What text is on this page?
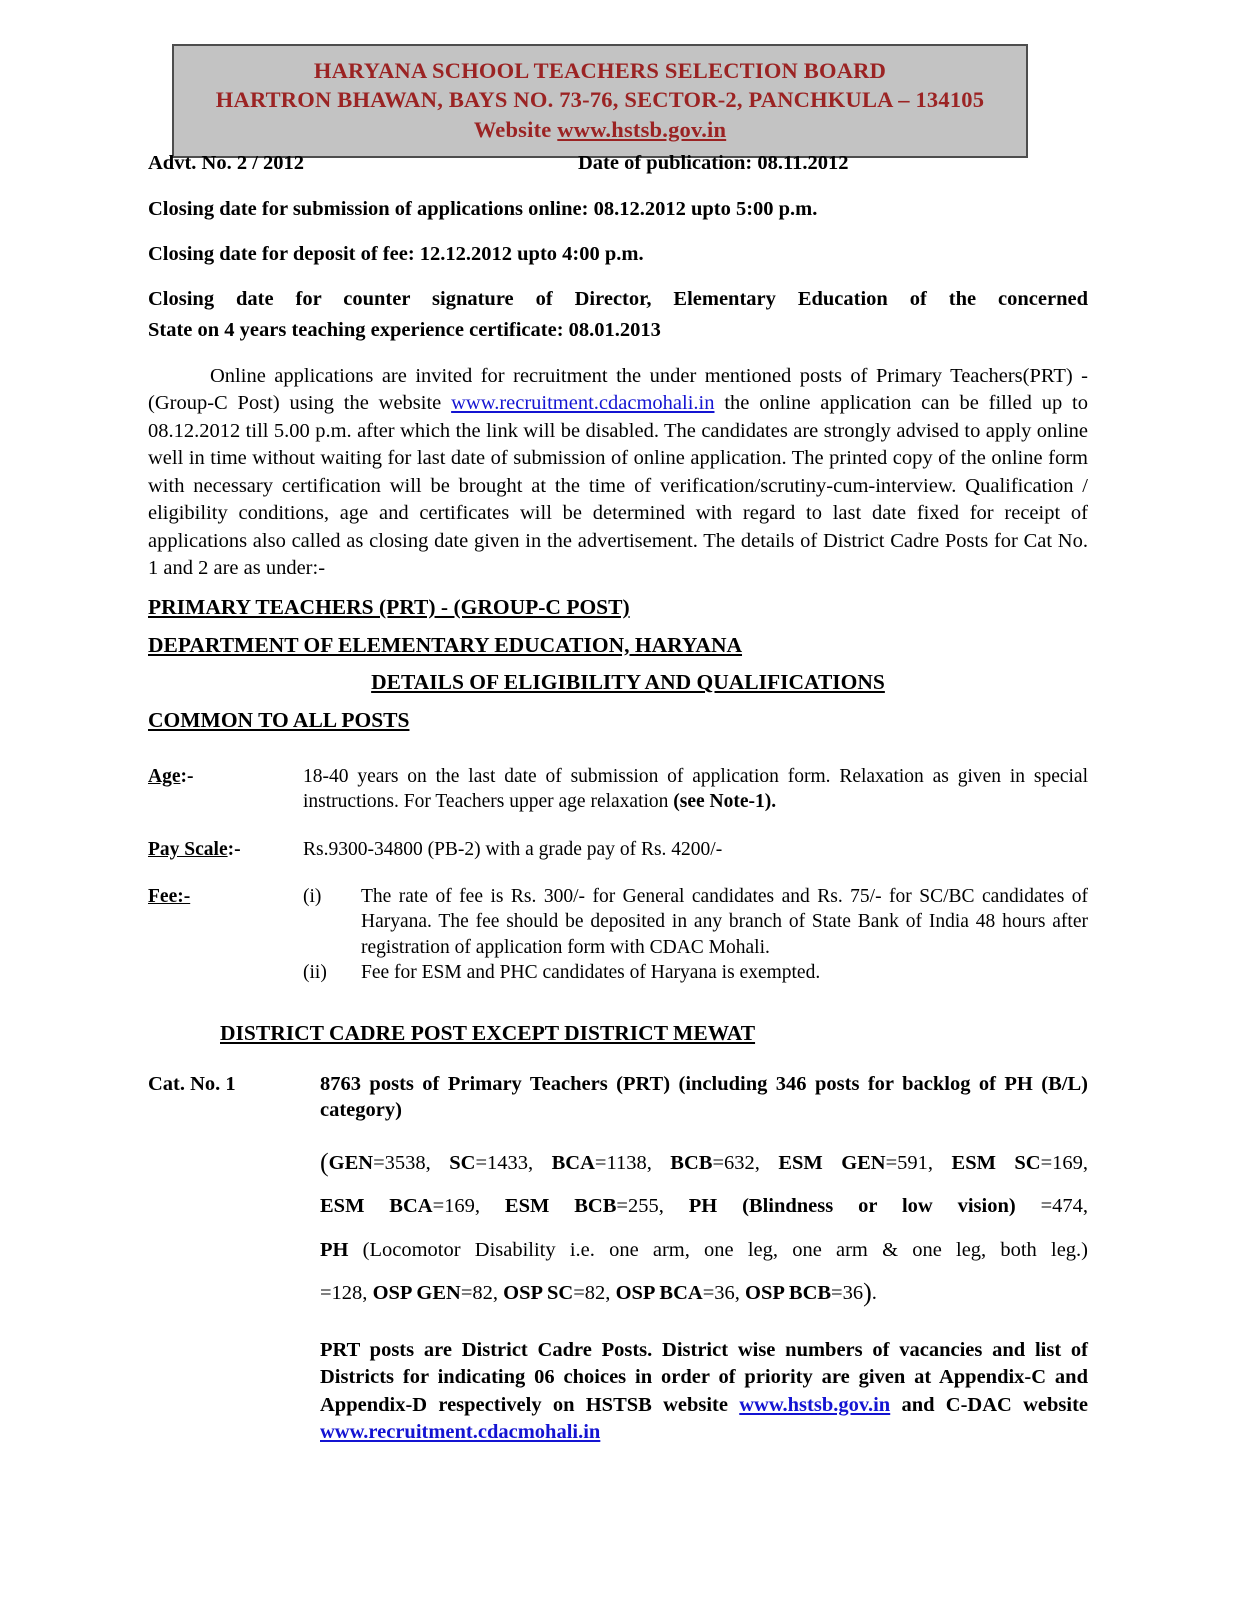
HARYANA SCHOOL TEACHERS SELECTION BOARD
HARTRON BHAWAN, BAYS NO. 73-76, SECTOR-2, PANCHKULA – 134105
Website www.hstsb.gov.in
Advt. No. 2 / 2012	Date of publication: 08.11.2012

Closing date for submission of applications online: 08.12.2012 upto 5:00 p.m.

Closing date for deposit of fee: 12.12.2012 upto 4:00 p.m.

Closing date for counter signature of Director, Elementary Education of the concerned

State on 4 years teaching experience certificate: 08.01.2013

Online applications are invited for recruitment the under mentioned posts of Primary Teachers(PRT) - (Group-C Post) using the website www.recruitment.cdacmohali.in the online application can be filled up to 08.12.2012 till 5.00 p.m. after which the link will be disabled. The candidates are strongly advised to apply online well in time without waiting for last date of submission of online application. The printed copy of the online form with necessary certification will be brought at the time of verification/scrutiny-cum-interview. Qualification / eligibility conditions, age and certificates will be determined with regard to last date fixed for receipt of applications also called as closing date given in the advertisement. The details of District Cadre Posts for Cat No. 1 and 2 are as under:-

PRIMARY TEACHERS (PRT) - (GROUP-C POST)
DEPARTMENT OF ELEMENTARY EDUCATION, HARYANA
DETAILS OF ELIGIBILITY AND QUALIFICATIONS
COMMON TO ALL POSTS
Age:-	18-40 years on the last date of submission of application form. Relaxation as given in special instructions. For Teachers upper age relaxation (see Note-1).
Pay Scale:-	Rs.9300-34800 (PB-2) with a grade pay of Rs. 4200/-
Fee:-	(i)	The rate of fee is Rs. 300/- for General candidates and Rs. 75/- for SC/BC candidates of Haryana. The fee should be deposited in any branch of State Bank of India 48 hours after registration of application form with CDAC Mohali.
(ii)	Fee for ESM and PHC candidates of Haryana is exempted.
DISTRICT CADRE POST EXCEPT DISTRICT MEWAT
Cat. No. 1	8763 posts of Primary Teachers (PRT) (including 346 posts for backlog of PH (B/L) category)
(GEN=3538, SC=1433, BCA=1138, BCB=632, ESM GEN=591, ESM SC=169,
ESM BCA=169, ESM BCB=255, PH (Blindness or low vision) =474,
PH (Locomotor Disability i.e. one arm, one leg, one arm & one leg, both leg.)
=128, OSP GEN=82, OSP SC=82, OSP BCA=36, OSP BCB=36).
PRT posts are District Cadre Posts. District wise numbers of vacancies and list of Districts for indicating 06 choices in order of priority are given at Appendix-C and Appendix-D respectively on HSTSB website www.hstsb.gov.in and C-DAC website www.recruitment.cdacmohali.in
